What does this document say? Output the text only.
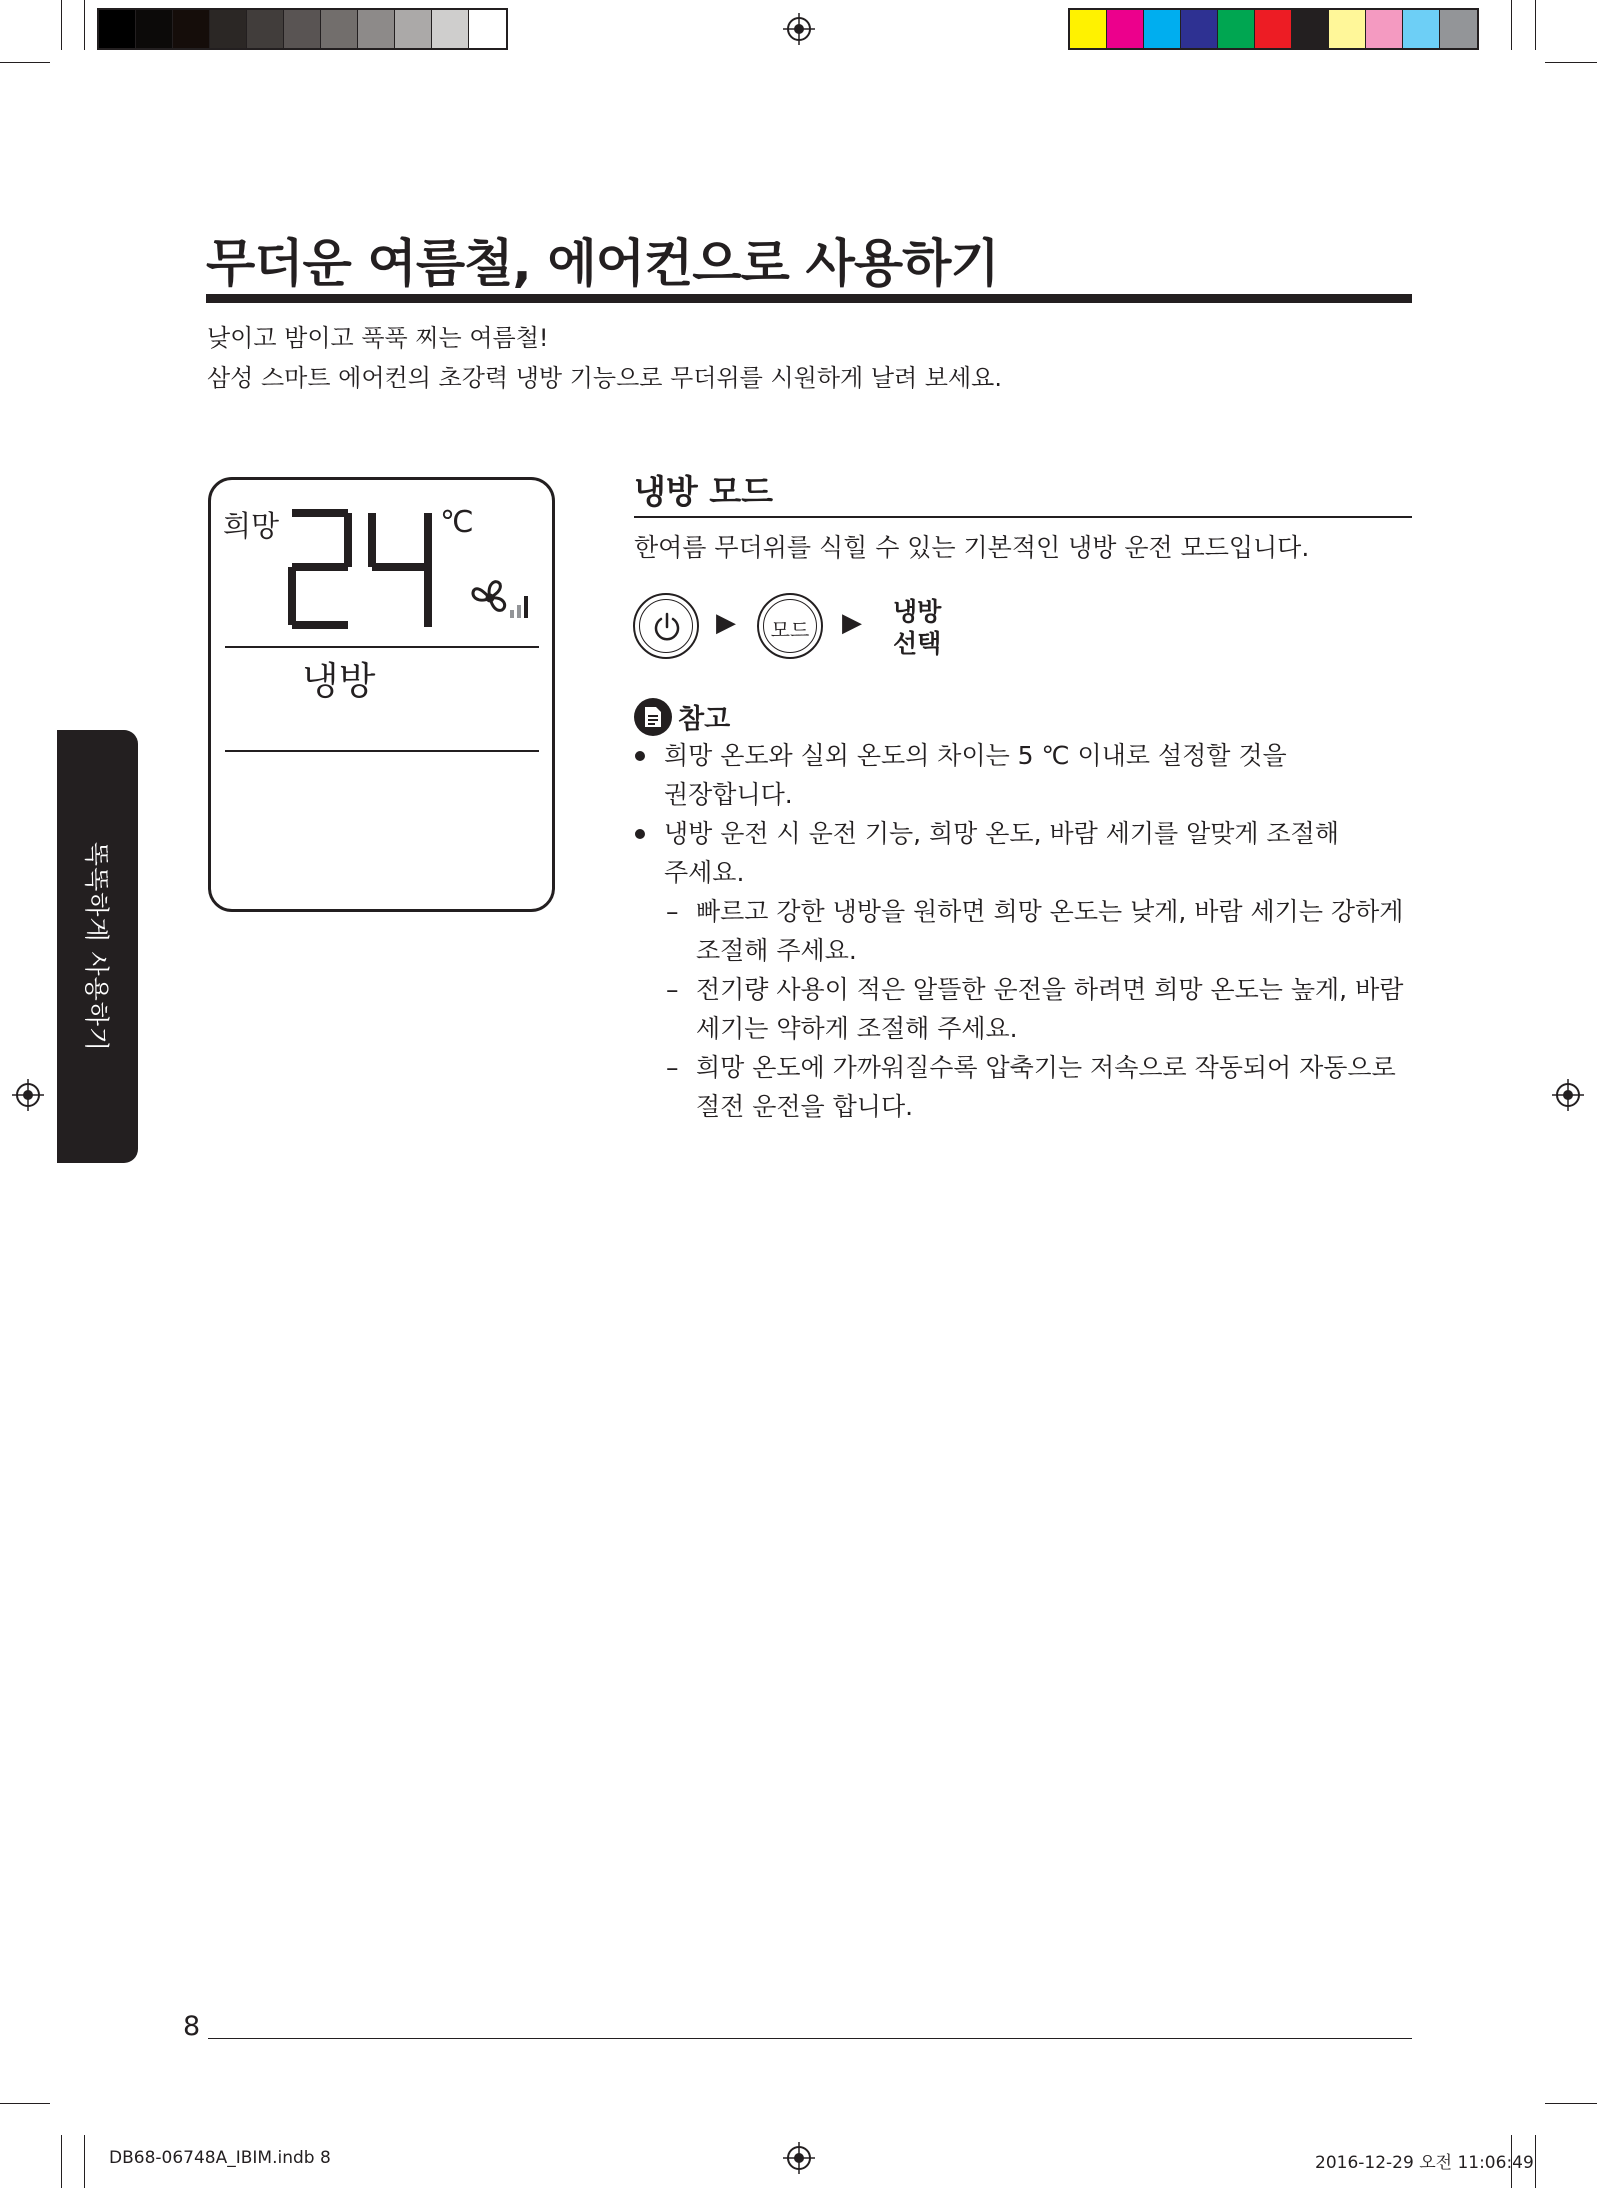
무더운 여름철, 에어컨으로 사용하기
낮이고 밤이고 푹푹 찌는 여름철!
삼성 스마트 에어컨의 초강력 냉방 기능으로 무더위를 시원하게 날려 보세요.
똑똑하게 사용하기
희망	℃
냉방
냉방 모드
한여름 무더위를 식힐 수 있는 기본적인 냉방 운전 모드입니다.
▶	모드	▶ 냉방
선택
참고
희망 온도와 실외 온도의 차이는 5 ℃ 이내로 설정할 것을
권장합니다.
냉방 운전 시 운전 기능, 희망 온도, 바람 세기를 알맞게 조절해
주세요.
– 빠르고 강한 냉방을 원하면 희망 온도는 낮게, 바람 세기는 강하게
조절해 주세요.
– 전기량 사용이 적은 알뜰한 운전을 하려면 희망 온도는 높게, 바람
세기는 약하게 조절해 주세요.
– 희망 온도에 가까워질수록 압축기는 저속으로 작동되어 자동으로
절전 운전을 합니다.
8
DB68-06748A_IBIM.indb 8	2016-12-29 오전 11:06:49
